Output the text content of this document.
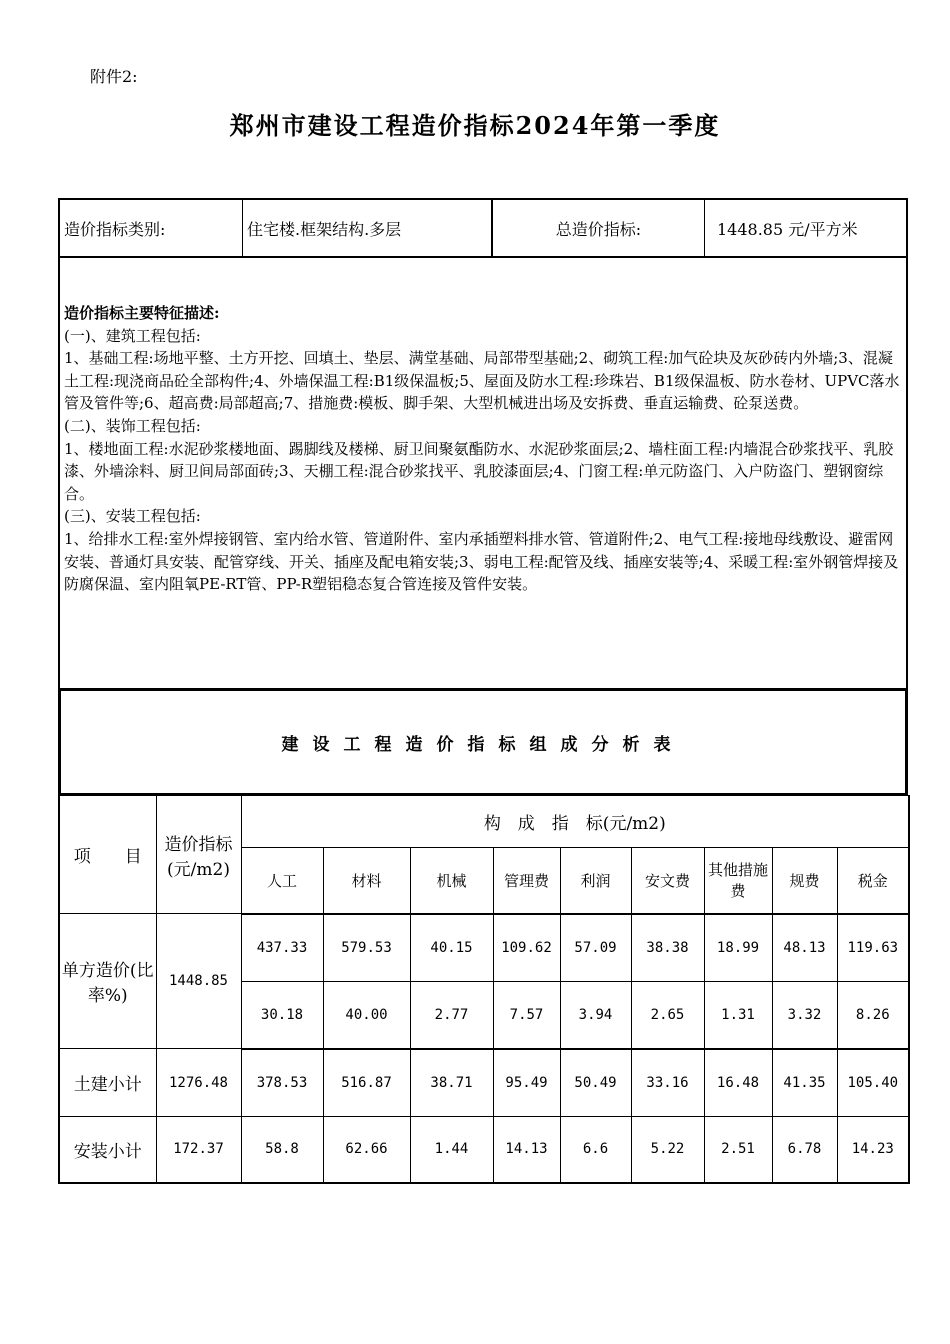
附件2:
郑州市建设工程造价指标2024年第一季度
造价指标类别:	住宅楼.框架结构.多层	总造价指标:	1448.85 元/平方米

造价指标主要特征描述:

(一)、建筑工程包括:

1、基础工程:场地平整、土方开挖、回填土、垫层、满堂基础、局部带型基础;2、砌筑工程:加气砼块及灰砂砖内外墙;3、混凝土工程:现浇商品砼全部构件;4、外墙保温工程:B1级保温板;5、屋面及防水工程:珍珠岩、B1级保温板、防水卷材、UPVC落水管及管件等;6、超高费:局部超高;7、措施费:模板、脚手架、大型机械进出场及安拆费、垂直运输费、砼泵送费。

(二)、装饰工程包括:

1、楼地面工程:水泥砂浆楼地面、踢脚线及楼梯、厨卫间聚氨酯防水、水泥砂浆面层;2、墙柱面工程:内墙混合砂浆找平、乳胶漆、外墙涂料、厨卫间局部面砖;3、天棚工程:混合砂浆找平、乳胶漆面层;4、门窗工程:单元防盗门、入户防盗门、塑钢窗综合。

(三)、安装工程包括:

1、给排水工程:室外焊接钢管、室内给水管、管道附件、室内承插塑料排水管、管道附件;2、电气工程:接地母线敷设、避雷网安装、普通灯具安装、配管穿线、开关、插座及配电箱安装;3、弱电工程:配管及线、插座安装等;4、采暖工程:室外钢管焊接及防腐保温、室内阻氧PE-RT管、PP-R塑铝稳态复合管连接及管件安装。

建设工程造价指标组成分析表
项　　目	造价指标(元/m2)	构　成　指　标(元/m2)								
		人工	材料	机械	管理费	利润	安文费	其他措施费	规费	税金
单方造价(比率%)	1448.85	437.33	579.53	40.15	109.62	57.09	38.38	18.99	48.13	119.63
		30.18	40.00	2.77	7.57	3.94	2.65	1.31	3.32	8.26
土建小计	1276.48	378.53	516.87	38.71	95.49	50.49	33.16	16.48	41.35	105.40
安装小计	172.37	58.8	62.66	1.44	14.13	6.6	5.22	2.51	6.78	14.23
